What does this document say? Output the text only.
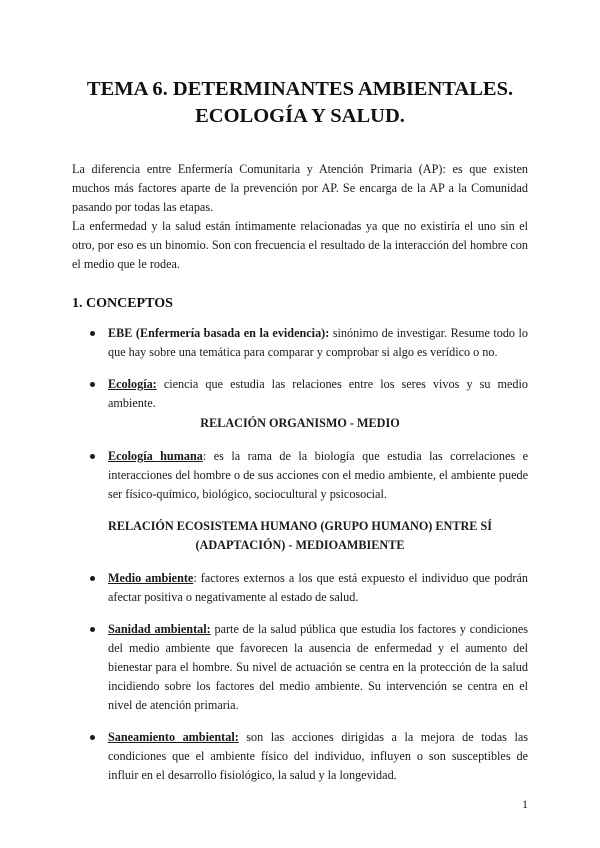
TEMA 6. DETERMINANTES AMBIENTALES.
ECOLOGÍA Y SALUD.

La diferencia entre Enfermería Comunitaria y Atención Primaria (AP): es que existen muchos más factores aparte de la prevención por AP. Se encarga de la AP a la Comunidad pasando por todas las etapas.

La enfermedad y la salud están íntimamente relacionadas ya que no existiría el uno sin el otro, por eso es un binomio. Son con frecuencia el resultado de la interacción del hombre con el medio que le rodea.

1. CONCEPTOS
EBE (Enfermería basada en la evidencia): sinónimo de investigar. Resume todo lo que hay sobre una temática para comparar y comprobar si algo es verídico o no.
Ecología: ciencia que estudia las relaciones entre los seres vivos y su medio ambiente.
RELACIÓN ORGANISMO - MEDIO
Ecología humana: es la rama de la biología que estudia las correlaciones e interacciones del hombre o de sus acciones con el medio ambiente, el ambiente puede ser físico-químico, biológico, sociocultural y psicosocial.
RELACIÓN ECOSISTEMA HUMANO (GRUPO HUMANO) ENTRE SÍ
(ADAPTACIÓN) - MEDIOAMBIENTE
Medio ambiente: factores externos a los que está expuesto el individuo que podrán afectar positiva o negativamente al estado de salud.
Sanidad ambiental: parte de la salud pública que estudia los factores y condiciones del medio ambiente que favorecen la ausencia de enfermedad y el aumento del bienestar para el hombre. Su nivel de actuación se centra en la protección de la salud incidiendo sobre los factores del medio ambiente. Su intervención se centra en el nivel de atención primaria.
Saneamiento ambiental: son las acciones dirigidas a la mejora de todas las condiciones que el ambiente físico del individuo, influyen o son susceptibles de influir en el desarrollo fisiológico, la salud y la longevidad.
1
